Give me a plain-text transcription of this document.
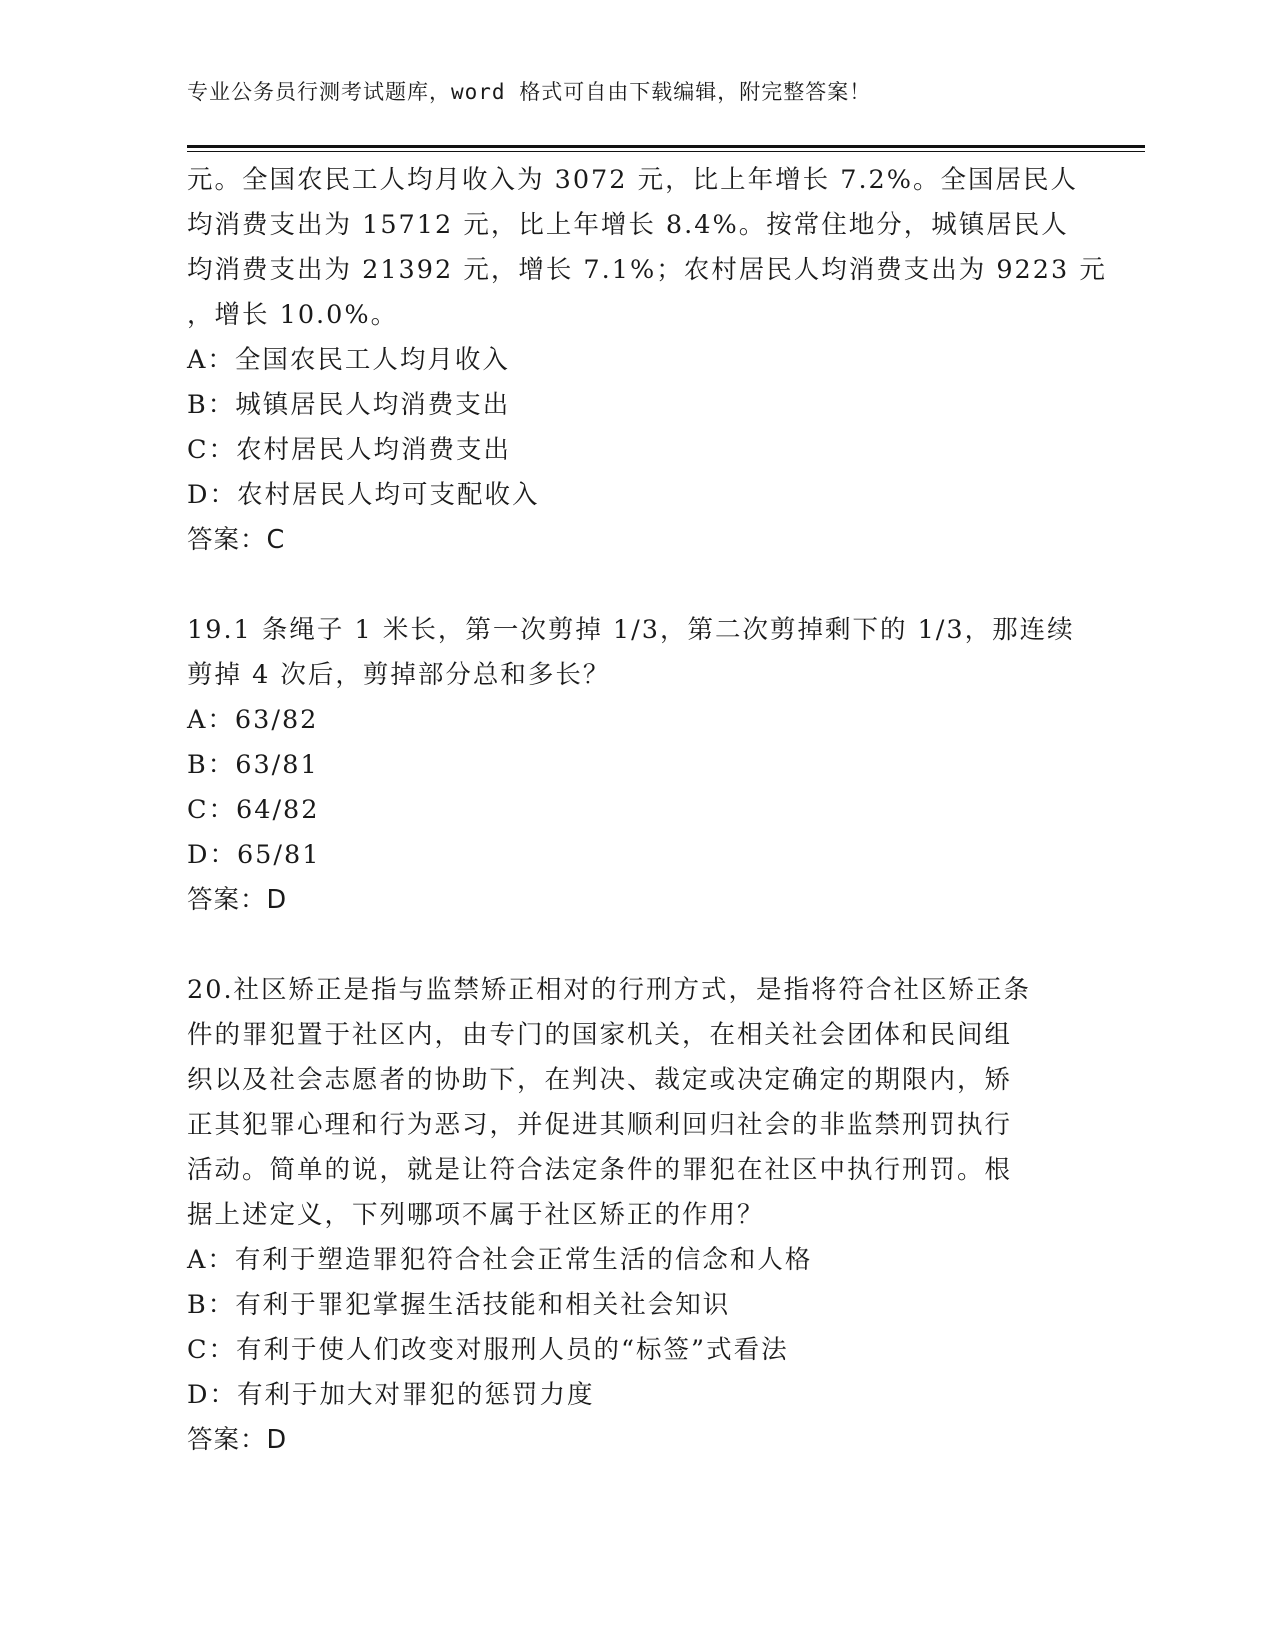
专业公务员行测考试题库，word 格式可自由下载编辑，附完整答案！
元。全国农民工人均月收入为 3072 元，比上年增长 7.2%。全国居民人
均消费支出为 15712 元，比上年增长 8.4%。按常住地分，城镇居民人
均消费支出为 21392 元，增长 7.1%；农村居民人均消费支出为 9223 元
，增长 10.0%。
A：全国农民工人均月收入
B：城镇居民人均消费支出
C：农村居民人均消费支出
D：农村居民人均可支配收入
答案：C
19.1 条绳子 1 米长，第一次剪掉 1/3，第二次剪掉剩下的 1/3，那连续
剪掉 4 次后，剪掉部分总和多长？
A：63/82
B：63/81
C：64/82
D：65/81
答案：D
20.社区矫正是指与监禁矫正相对的行刑方式，是指将符合社区矫正条
件的罪犯置于社区内，由专门的国家机关，在相关社会团体和民间组
织以及社会志愿者的协助下，在判决、裁定或决定确定的期限内，矫
正其犯罪心理和行为恶习，并促进其顺利回归社会的非监禁刑罚执行
活动。简单的说，就是让符合法定条件的罪犯在社区中执行刑罚。根
据上述定义，下列哪项不属于社区矫正的作用？
A：有利于塑造罪犯符合社会正常生活的信念和人格
B：有利于罪犯掌握生活技能和相关社会知识
C：有利于使人们改变对服刑人员的“标签”式看法
D：有利于加大对罪犯的惩罚力度
答案：D
